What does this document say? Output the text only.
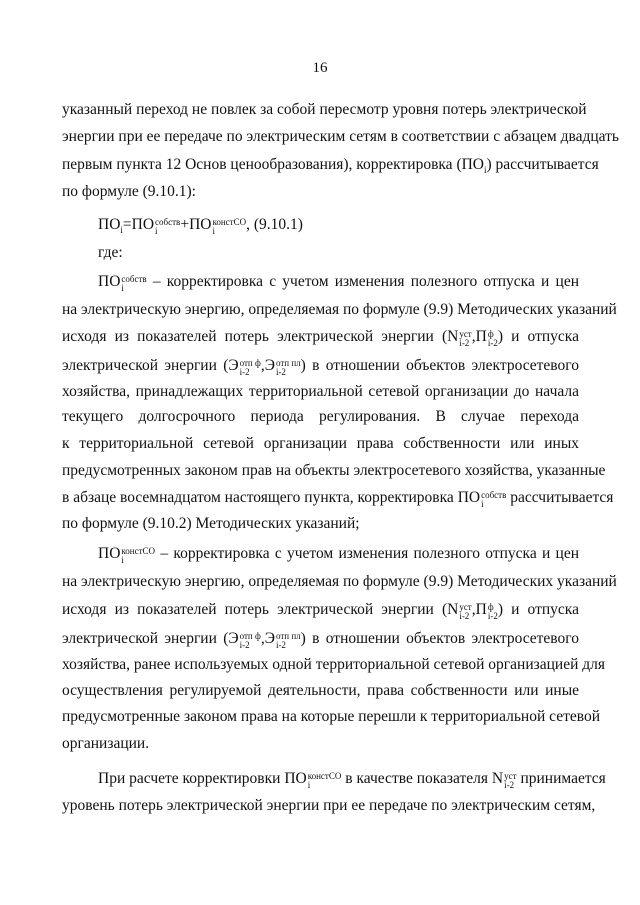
16
указанный переход не повлек за собой пересмотр уровня потерь электрической
энергии при ее передаче по электрическим сетям в соответствии с абзацем двадцать
первым пункта 12 Основ ценообразования), корректировка $(ПО_i)$ рассчитывается
по формуле (9.10.1):
$ПО_i=ПО$ собств
i	+ПО констСО
i	, (9.10.1)
где:
ПО собств
i	– корректировка с учетом изменения полезного отпуска и цен
на электрическую энергию, определяемая по формуле (9.9) Методических указаний
исходя из показателей потерь электрической энергии (N уст
i-2 ,П ф
i-2 ) и отпуска
электрической энергии (Э отп ф
i-2 ,Э отп пл
i-2 ) в отношении объектов электросетевого
хозяйства, принадлежащих территориальной сетевой организации до начала
текущего долгосрочного периода регулирования. В случае перехода
к территориальной сетевой организации права собственности или иных
предусмотренных законом прав на объекты электросетевого хозяйства, указанные
в абзаце восемнадцатом настоящего пункта, корректировка ПО собств
i	рассчитывается
по формуле (9.10.2) Методических указаний;
ПО констСО
i	– корректировка с учетом изменения полезного отпуска и цен
на электрическую энергию, определяемая по формуле (9.9) Методических указаний
исходя из показателей потерь электрической энергии (N уст
i-2 ,П ф
i-2 ) и отпуска
электрической энергии (Э отп ф
i-2 ,Э отп пл
i-2 ) в отношении объектов электросетевого
хозяйства, ранее используемых одной территориальной сетевой организацией для
осуществления регулируемой деятельности, права собственности или иные
предусмотренные законом права на которые перешли к территориальной сетевой
организации.
При расчете корректировки ПО констСО
i	в качестве показателя N уст
i-2 принимается
уровень потерь электрической энергии при ее передаче по электрическим сетям,
